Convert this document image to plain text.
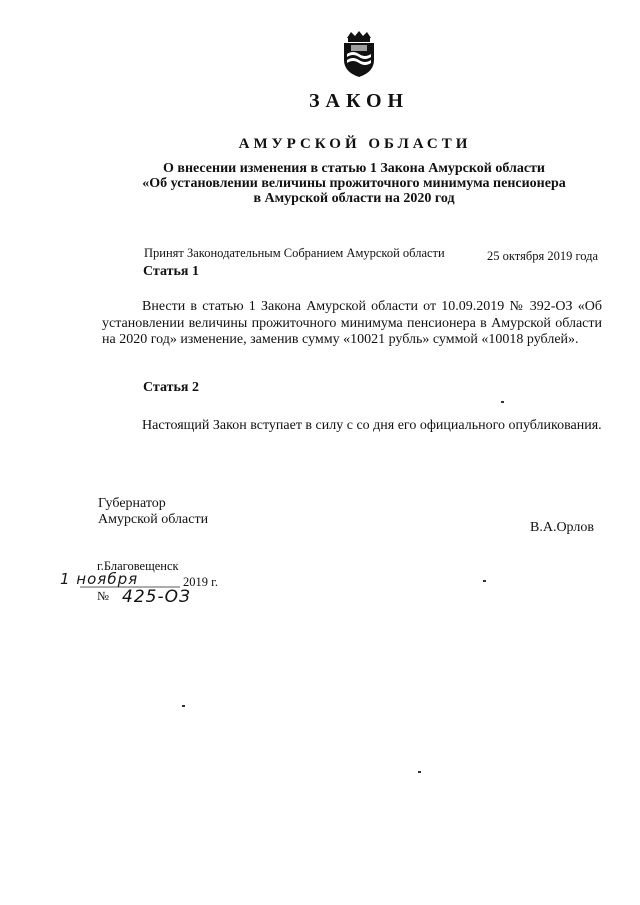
ЗАКОН
АМУРСКОЙ ОБЛАСТИ
О внесении изменения в статью 1 Закона Амурской области
«Об установлении величины прожиточного минимума пенсионера
в Амурской области на 2020 год
Принят Законодательным Собранием Амурской области	25 октября 2019 года
Статья 1
Внести в статью 1 Закона Амурской области от 10.09.2019 № 392-ОЗ «Об установлении величины прожиточного минимума пенсионера в Амурской области на 2020 год» изменение, заменив сумму «10021 рубль» суммой «10018 рублей».
Статья 2
Настоящий Закон вступает в силу с со дня его официального опубликования.
Губернатор
Амурской области
В.А.Орлов
г.Благовещенск
1 ноября	2019 г.
№ 425-ОЗ
